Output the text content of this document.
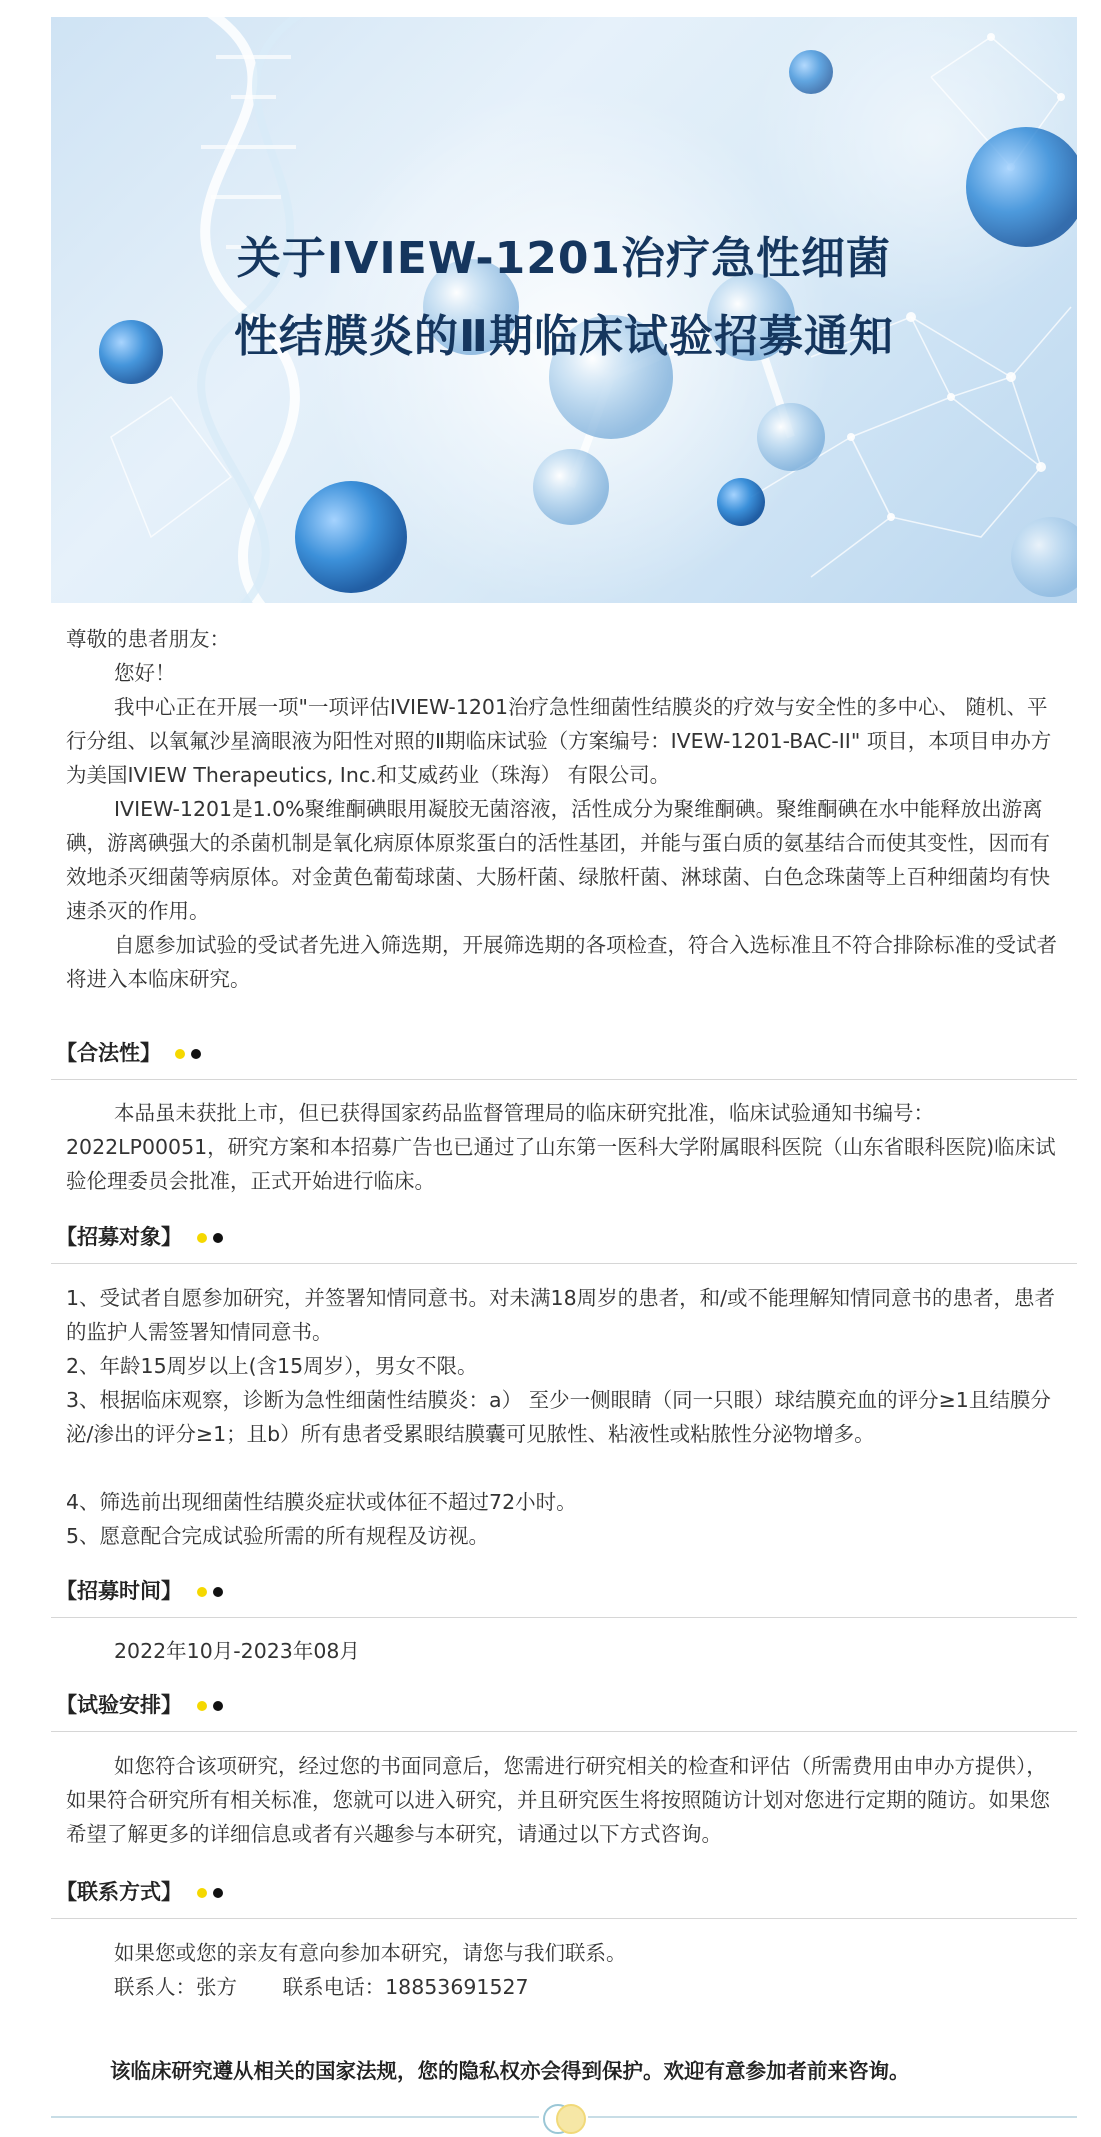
关于IVIEW-1201治疗急性细菌
性结膜炎的Ⅱ期临床试验招募通知
尊敬的患者朋友：
您好！
我中心正在开展一项"一项评估IVIEW-1201治疗急性细菌性结膜炎的疗效与安全性的多中心、 随机、平行分组、以氧氟沙星滴眼液为阳性对照的Ⅱ期临床试验（方案编号：IVEW-1201-BAC-II" 项目，本项目申办方为美国IVIEW Therapeutics, Inc.和艾威药业（珠海） 有限公司。
IVIEW-1201是1.0%聚维酮碘眼用凝胶无菌溶液，活性成分为聚维酮碘。聚维酮碘在水中能释放出游离碘，游离碘强大的杀菌机制是氧化病原体原浆蛋白的活性基团，并能与蛋白质的氨基结合而使其变性，因而有效地杀灭细菌等病原体。对金黄色葡萄球菌、大肠杆菌、绿脓杆菌、淋球菌、白色念珠菌等上百种细菌均有快速杀灭的作用。
自愿参加试验的受试者先进入筛选期，开展筛选期的各项检查，符合入选标准且不符合排除标准的受试者将进入本临床研究。
【合法性】
本品虽未获批上市，但已获得国家药品监督管理局的临床研究批准，临床试验通知书编号：2022LP00051，研究方案和本招募广告也已通过了山东第一医科大学附属眼科医院（山东省眼科医院)临床试验伦理委员会批准，正式开始进行临床。
【招募对象】
1、受试者自愿参加研究，并签署知情同意书。对未满18周岁的患者，和/或不能理解知情同意书的患者，患者的监护人需签署知情同意书。
2、年龄15周岁以上(含15周岁），男女不限。
3、根据临床观察，诊断为急性细菌性结膜炎：a） 至少一侧眼睛（同一只眼）球结膜充血的评分≥1且结膜分泌/渗出的评分≥1；且b）所有患者受累眼结膜囊可见脓性、粘液性或粘脓性分泌物增多。
4、筛选前出现细菌性结膜炎症状或体征不超过72小时。
5、愿意配合完成试验所需的所有规程及访视。
【招募时间】
2022年10月-2023年08月
【试验安排】
如您符合该项研究，经过您的书面同意后，您需进行研究相关的检查和评估（所需费用由申办方提供），如果符合研究所有相关标准，您就可以进入研究，并且研究医生将按照随访计划对您进行定期的随访。如果您希望了解更多的详细信息或者有兴趣参与本研究，请通过以下方式咨询。
【联系方式】
如果您或您的亲友有意向参加本研究，请您与我们联系。
联系人：张方       联系电话：18853691527
该临床研究遵从相关的国家法规，您的隐私权亦会得到保护。欢迎有意参加者前来咨询。
